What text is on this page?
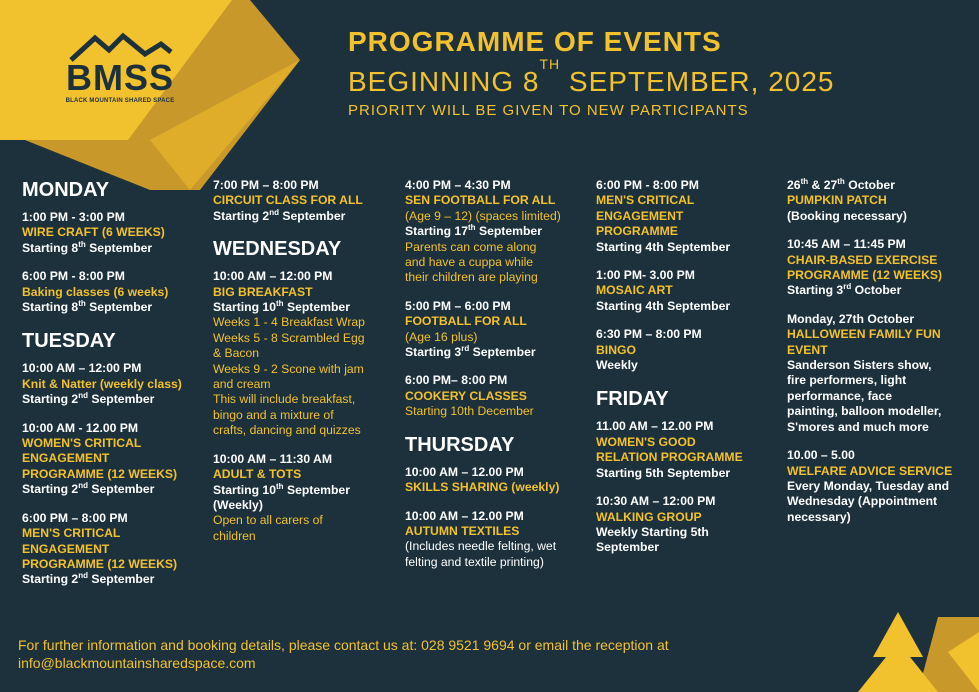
BMSS
BLACK MOUNTAIN SHARED SPACE
PROGRAMME OF EVENTS
BEGINNING 8TH SEPTEMBER, 2025
PRIORITY WILL BE GIVEN TO NEW PARTICIPANTS
MONDAY
1:00 PM - 3:00 PM
WIRE CRAFT (6 WEEKS)
Starting 8th September
6:00 PM - 8:00 PM
Baking classes (6 weeks)
Starting 8th September
TUESDAY
10:00 AM – 12:00 PM
Knit & Natter (weekly class)
Starting 2nd September
10:00 AM - 12.00 PM
WOMEN'S CRITICAL
ENGAGEMENT
PROGRAMME (12 WEEKS)
Starting 2nd September
6:00 PM – 8:00 PM
MEN'S CRITICAL
ENGAGEMENT
PROGRAMME (12 WEEKS)
Starting 2nd September
7:00 PM – 8:00 PM
CIRCUIT CLASS FOR ALL
Starting 2nd September
WEDNESDAY
10:00 AM – 12:00 PM
BIG BREAKFAST
Starting 10th September
Weeks 1 - 4 Breakfast Wrap
Weeks 5 - 8 Scrambled Egg
& Bacon
Weeks 9 - 2 Scone with jam
and cream
This will include breakfast,
bingo and a mixture of
crafts, dancing and quizzes
10:00 AM – 11:30 AM
ADULT & TOTS
Starting 10th September
(Weekly)
Open to all carers of
children
4:00 PM – 4:30 PM
SEN FOOTBALL FOR ALL
(Age 9 – 12) (spaces limited)
Starting 17th September
Parents can come along
and have a cuppa while
their children are playing
5:00 PM – 6:00 PM
FOOTBALL FOR ALL
(Age 16 plus)
Starting 3rd September
6:00 PM– 8:00 PM
COOKERY CLASSES
Starting 10th December
THURSDAY
10:00 AM – 12.00 PM
SKILLS SHARING (weekly)
10:00 AM – 12.00 PM
AUTUMN TEXTILES
(Includes needle felting, wet
felting and textile printing)
6:00 PM - 8:00 PM
MEN'S CRITICAL
ENGAGEMENT
PROGRAMME
Starting 4th September
1:00 PM- 3.00 PM
MOSAIC ART
Starting 4th September
6:30 PM – 8:00 PM
BINGO
Weekly
FRIDAY
11.00 AM – 12.00 PM
WOMEN'S GOOD
RELATION PROGRAMME
Starting 5th September
10:30 AM – 12:00 PM
WALKING GROUP
Weekly Starting 5th
September
26th & 27th October
PUMPKIN PATCH
(Booking necessary)
10:45 AM – 11:45 PM
CHAIR-BASED EXERCISE
PROGRAMME (12 WEEKS)
Starting 3rd October
Monday, 27th October
HALLOWEEN FAMILY FUN
EVENT
Sanderson Sisters show,
fire performers, light
performance, face
painting, balloon modeller,
S'mores and much more
10.00 – 5.00
WELFARE ADVICE SERVICE
Every Monday, Tuesday and
Wednesday (Appointment
necessary)
For further information and booking details, please contact us at: 028 9521 9694 or email the reception at
info@blackmountainsharedspace.com
